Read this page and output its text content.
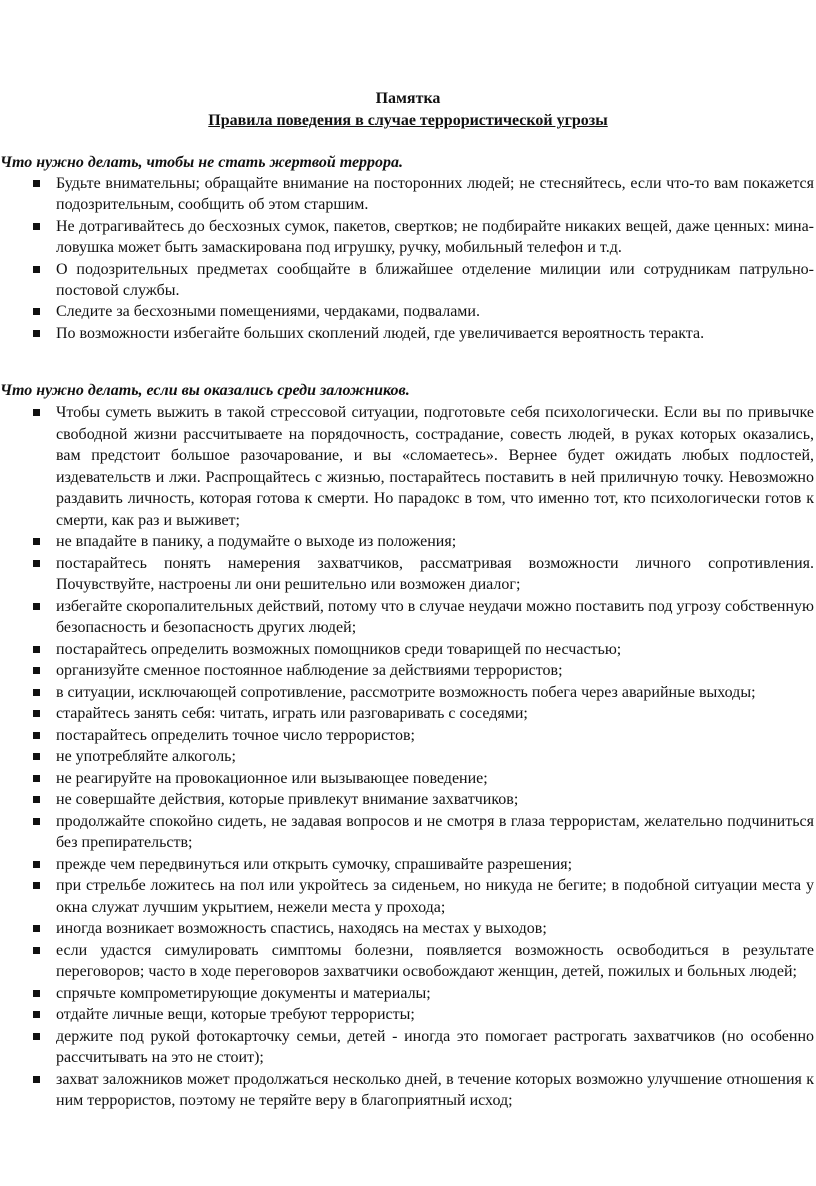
Памятка
Правила поведения в случае террористической угрозы
Что нужно делать, чтобы не стать жертвой террора.
Будьте внимательны; обращайте внимание на посторонних людей; не стесняйтесь, если что-то вам покажется подозрительным, сообщить об этом старшим.
Не дотрагивайтесь до бесхозных сумок, пакетов, свертков; не подбирайте никаких вещей, даже ценных: мина-ловушка может быть замаскирована под игрушку, ручку, мобильный телефон и т.д.
О подозрительных предметах сообщайте в ближайшее отделение милиции или сотрудникам патрульно-постовой службы.
Следите за бесхозными помещениями, чердаками, подвалами.
По возможности избегайте больших скоплений людей, где увеличивается вероятность теракта.
Что нужно делать, если вы оказались среди заложников.
Чтобы суметь выжить в такой стрессовой ситуации, подготовьте себя психологически. Если вы по привычке свободной жизни рассчитываете на порядочность, сострадание, совесть людей, в руках которых оказались, вам предстоит большое разочарование, и вы «сломаетесь». Вернее будет ожидать любых подлостей, издевательств и лжи. Распрощайтесь с жизнью, постарайтесь поставить в ней приличную точку. Невозможно раздавить личность, которая готова к смерти. Но парадокс в том, что именно тот, кто психологически готов к смерти, как раз и выживет;
не впадайте в панику, а подумайте о выходе из положения;
постарайтесь понять намерения захватчиков, рассматривая возможности личного сопротивления. Почувствуйте, настроены ли они решительно или возможен диалог;
избегайте скоропалительных действий, потому что в случае неудачи можно поставить под угрозу собственную безопасность и безопасность других людей;
постарайтесь определить возможных помощников среди товарищей по несчастью;
организуйте сменное постоянное наблюдение за действиями террористов;
в ситуации, исключающей сопротивление, рассмотрите возможность побега через аварийные выходы;
старайтесь занять себя: читать, играть или разговаривать с соседями;
постарайтесь определить точное число террористов;
не употребляйте алкоголь;
не реагируйте на провокационное или вызывающее поведение;
не совершайте действия, которые привлекут внимание захватчиков;
продолжайте спокойно сидеть, не задавая вопросов и не смотря в глаза террористам, желательно подчиниться без препирательств;
прежде чем передвинуться или открыть сумочку, спрашивайте разрешения;
при стрельбе ложитесь на пол или укройтесь за сиденьем, но никуда не бегите; в подобной ситуации места у окна служат лучшим укрытием, нежели места у прохода;
иногда возникает возможность спастись, находясь на местах у выходов;
если удастся симулировать симптомы болезни, появляется возможность освободиться в результате переговоров; часто в ходе переговоров захватчики освобождают женщин, детей, пожилых и больных людей;
спрячьте компрометирующие документы и материалы;
отдайте личные вещи, которые требуют террористы;
держите под рукой фотокарточку семьи, детей - иногда это помогает растрогать захватчиков (но особенно рассчитывать на это не стоит);
захват заложников может продолжаться несколько дней, в течение которых возможно улучшение отношения к ним террористов, поэтому не теряйте веру в благоприятный исход;
